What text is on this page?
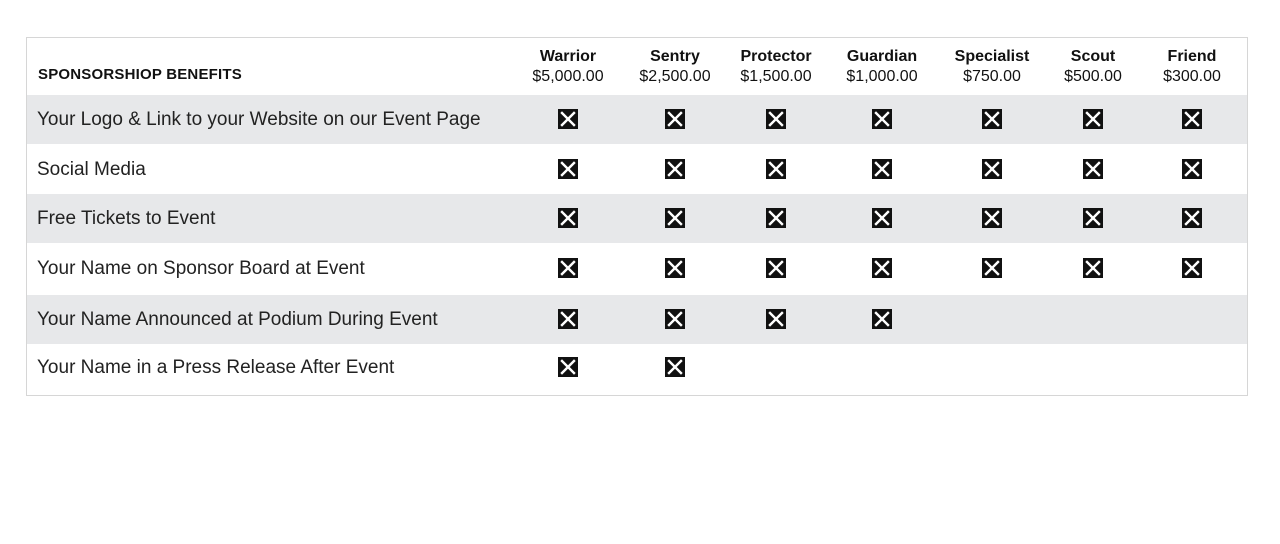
SPONSORSHIOP BENEFITS
Warrior
$5,000.00
Sentry
$2,500.00
Protector
$1,500.00
Guardian
$1,000.00
Specialist
$750.00
Scout
$500.00
Friend
$300.00
Your Logo & Link to your Website on our Event Page
Social Media
Free Tickets to Event
Your Name on Sponsor Board at Event
Your Name Announced at Podium During Event
Your Name in a Press Release After Event
